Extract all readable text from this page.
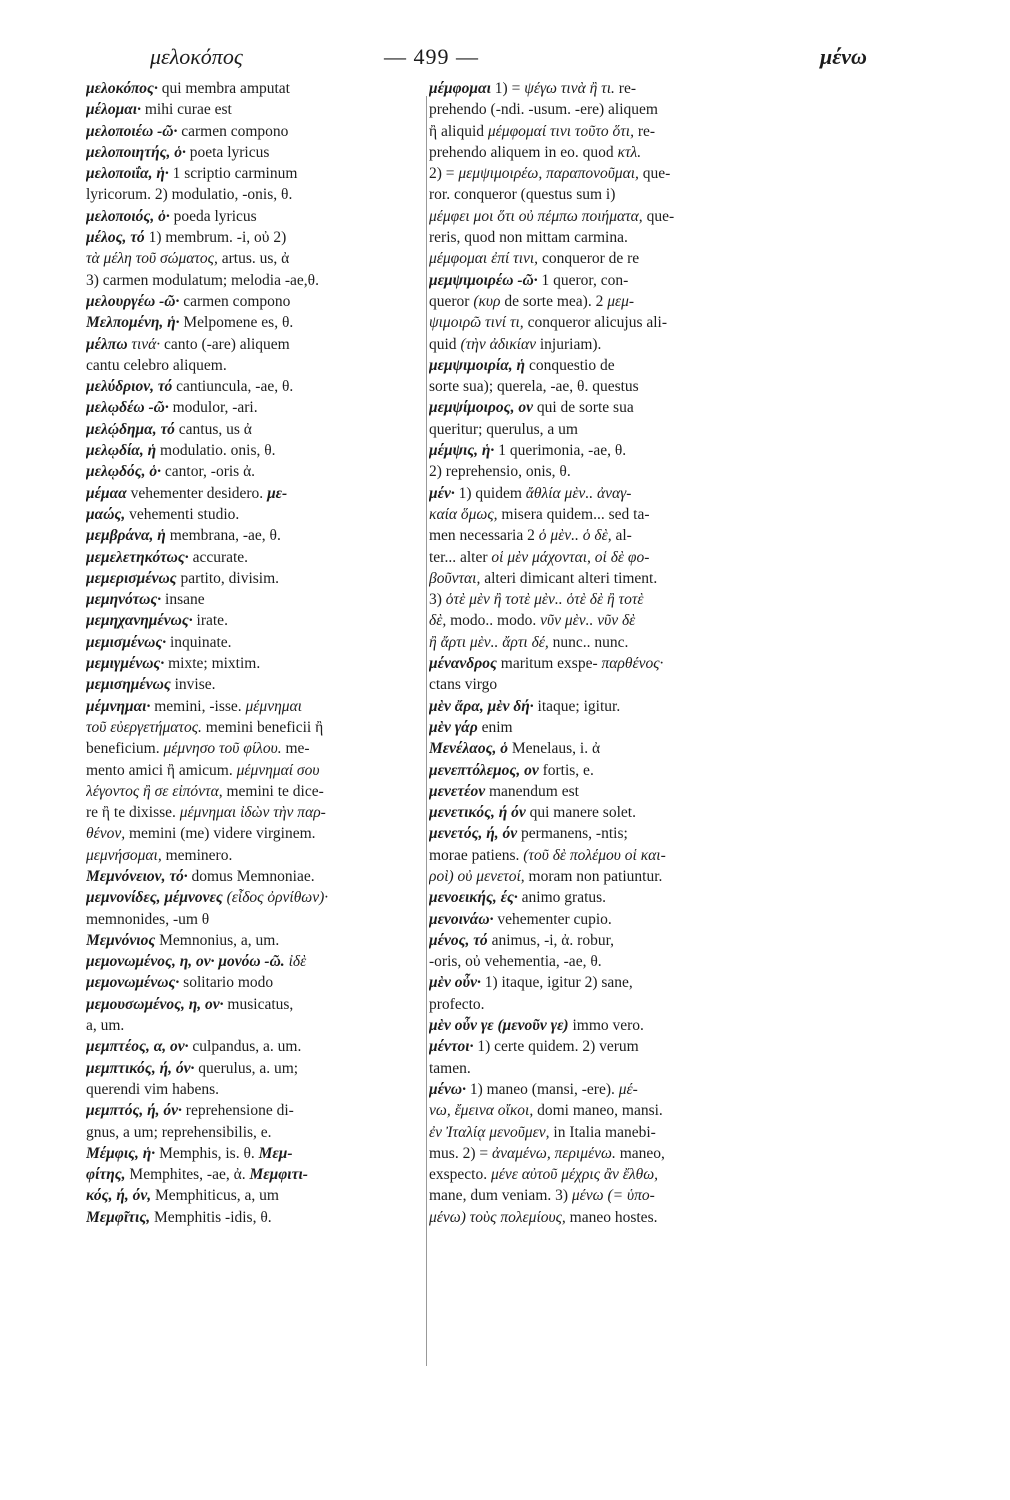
μελοκόπος	— 499 —	μένω
μελοκόπος· qui membra amputat
μέλομαι· mihi curae est
μελοποιέω -ῶ· carmen compono
μελοποιητής, ὁ· poeta lyricus
μελοποιΐα, ἡ· 1 scriptio carminum
lyricorum. 2) modulatio, -onis, θ.
μελοποιός, ὁ· poeda lyricus
μέλος, τό 1) membrum. -i, οὐ 2)
τὰ μέλη τοῦ σώματος, artus. us, ἀ
3) carmen modulatum; melodia -ae,θ.
μελουργέω -ῶ· carmen compono
Μελπομένη, ἡ· Melpomene es, θ.
μέλπω τινά· canto (-are) aliquem
cantu celebro aliquem.
μελύδριον, τό cantiuncula, -ae, θ.
μελῳδέω -ῶ· modulor, -ari.
μελῴδημα, τό cantus, us ἀ
μελῳδία, ἡ modulatio. onis, θ.
μελῳδός, ὁ· cantor, -oris ἀ.
μέμαα vehementer desidero. με-
μαώς, vehementi studio.
μεμβράνα, ἡ membrana, -ae, θ.
μεμελετηκότως· accurate.
μεμερισμένως partito, divisim.
μεμηνότως· insane
μεμηχανημένως· irate.
μεμισμένως· inquinate.
μεμιγμένως· mixte; mixtim.
μεμισημένως invise.
μέμνημαι· memini, -isse. μέμνημαι
τοῦ εὐεργετήματος. memini beneficii ἢ
beneficium. μέμνησο τοῦ φίλου. me-
mento amici ἢ amicum. μέμνημαί σου
λέγοντος ἢ σε εἰπόντα, memini te dice-
re ἢ te dixisse. μέμνημαι ἰδὼν τὴν παρ-
θένον, memini (me) videre virginem.
μεμνήσομαι, meminero.
Μεμνόνειον, τό· domus Memnoniae.
μεμνονίδες, μέμνονες (εἶδος ὀρνίθων)·
memnonides, -um θ
Μεμνόνιος Memnonius, a, um.
μεμονωμένος, η, ον· μονόω -ῶ. ἰδὲ
μεμονωμένως· solitario modo
μεμουσωμένος, η, ον· musicatus,
a, um.
μεμπτέος, α, ον· culpandus, a. um.
μεμπτικός, ή, όν· querulus, a. um;
querendi vim habens.
μεμπτός, ή, όν· reprehensione di-
gnus, a um; reprehensibilis, e.
Μέμφις, ἡ· Memphis, is. θ. Μεμ-
φίτης, Memphites, -ae, ἀ. Μεμφιτι-
κός, ή, όν, Memphiticus, a, um
Μεμφῖτις, Memphitis -idis, θ.
μέμφομαι 1) = ψέγω τινὰ ἢ τι. re-
prehendo (-ndi. -usum. -ere) aliquem
ἢ aliquid μέμφομαί τινι τοῦτο ὅτι, re-
prehendo aliquem in eo. quod κτλ.
2) = μεμψιμοιρέω, παραπονοῦμαι, que-
ror. conqueror (questus sum i)
μέμφει μοι ὅτι οὐ πέμπω ποιήματα, que-
reris, quod non mittam carmina.
μέμφομαι ἐπί τινι, conqueror de re
μεμψιμοιρέω -ῶ· 1 queror, con-
queror (κυρ de sorte mea). 2 μεμ-
ψιμοιρῶ τινί τι, conqueror alicujus ali-
quid (τὴν ἀδικίαν injuriam).
μεμψιμοιρία, ἡ conquestio de
sorte sua); querela, -ae, θ. questus
μεμψίμοιρος, ον qui de sorte sua
queritur; querulus, a um
μέμψις, ἡ· 1 querimonia, -ae, θ.
2) reprehensio, onis, θ.
μέν· 1) quidem ἄθλία μὲν.. ἀναγ-
καία ὅμως, misera quidem... sed ta-
men necessaria 2 ὁ μὲν.. ὁ δὲ, al-
ter... alter οἱ μὲν μάχονται, οἱ δὲ φο-
βοῦνται, alteri dimicant alteri timent.
3) ὁτὲ μὲν ἢ τοτὲ μὲν.. ὁτὲ δὲ ἢ τοτὲ
δὲ, modo.. modo. νῦν μὲν.. νῦν δὲ
ἢ ἄρτι μὲν.. ἄρτι δέ, nunc.. nunc.
μένανδρος maritum exspe- παρθένος·
ctans virgo
μὲν ἄρα, μὲν δή· itaque; igitur.
μὲν γάρ enim
Μενέλαος, ὁ Menelaus, i. ἀ
μενεπτόλεμος, ον fortis, e.
μενετέον manendum est
μενετικός, ή όν qui manere solet.
μενετός, ή, όν permanens, -ntis;
morae patiens. (τοῦ δὲ πολέμου οἱ και-
ροὶ) οὐ μενετοί, moram non patiuntur.
μενοεικής, ές· animo gratus.
μενοινάω· vehementer cupio.
μένος, τό animus, -i, ἀ. robur,
-oris, οὐ vehementia, -ae, θ.
μὲν οὖν· 1) itaque, igitur 2) sane,
profecto.
μὲν οὖν γε (μενοῦν γε) immo vero.
μέντοι· 1) certe quidem. 2) verum
tamen.
μένω· 1) maneo (mansi, -ere). μέ-
νω, ἔμεινα οἴκοι, domi maneo, mansi.
ἐν Ἰταλίᾳ μενοῦμεν, in Italia manebi-
mus. 2) = ἀναμένω, περιμένω. maneo,
exspecto. μένε αὐτοῦ μέχρις ἂν ἔλθω,
mane, dum veniam. 3) μένω (= ὑπο-
μένω) τοὺς πολεμίους, maneo hostes.
